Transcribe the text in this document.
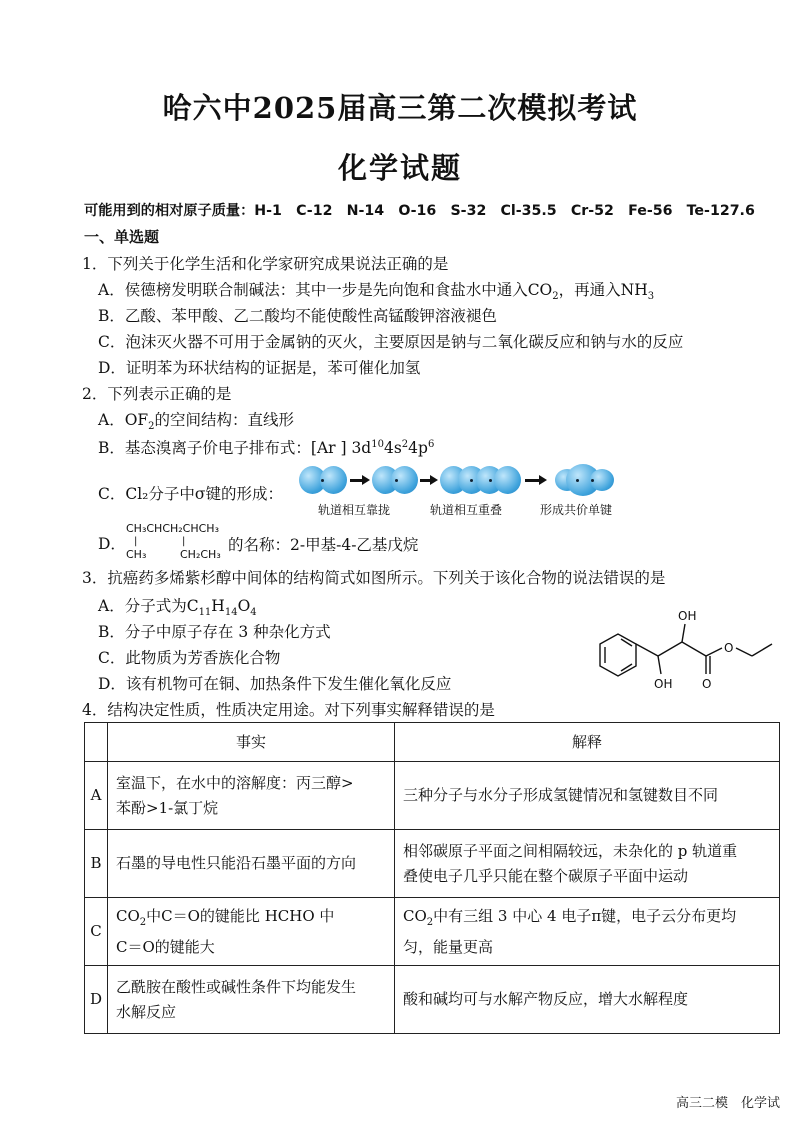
哈六中2025届高三第二次模拟考试
化学试题
可能用到的相对原子质量：H-1　C-12　N-14　O-16　S-32　Cl-35.5　Cr-52　Fe-56　Te-127.6
一、单选题
1．下列关于化学生活和化学家研究成果说法正确的是
A．侯德榜发明联合制碱法：其中一步是先向饱和食盐水中通入$CO_2$，再通入$NH_3$
B．乙酸、苯甲酸、乙二酸均不能使酸性高锰酸钾溶液褪色
C．泡沫灭火器不可用于金属钠的灭火，主要原因是钠与二氧化碳反应和钠与水的反应
D．证明苯为环状结构的证据是，苯可催化加氢
2．下列表示正确的是
A．$OF_2$的空间结构：直线形
B．基态溴离子价电子排布式：[Ar ] $3d^{10}4s^24p^6$
C．Cl₂分子中σ键的形成：
轨道相互靠拢	轨道相互重叠	形成共价单键
D．
CH₃CHCH₂CHCH₃
|	|
CH₃	CH₂CH₃
的名称：2-甲基-4-乙基戊烷
3．抗癌药多烯紫杉醇中间体的结构简式如图所示。下列关于该化合物的说法错误的是
A．分子式为$C_{11}H_{14}O_4$
B．分子中原子存在 3 种杂化方式
C．此物质为芳香族化合物
D．该有机物可在铜、加热条件下发生催化氧化反应
OH
OH
O
O
4．结构决定性质，性质决定用途。对下列事实解释错误的是
	事实	解释
A	室温下，在水中的溶解度：丙三醇>
苯酚>1-氯丁烷	三种分子与水分子形成氢键情况和氢键数目不同
B	石墨的导电性只能沿石墨平面的方向	相邻碳原子平面之间相隔较远，未杂化的 p 轨道重
叠使电子几乎只能在整个碳原子平面中运动
C	$CO_2$中C＝O的键能比 HCHO 中
C＝O的键能大	$CO_2$中有三组 3 中心 4 电子π键，电子云分布更均
匀，能量更高
D	乙酰胺在酸性或碱性条件下均能发生
水解反应	酸和碱均可与水解产物反应，增大水解程度
高三二模　化学试
